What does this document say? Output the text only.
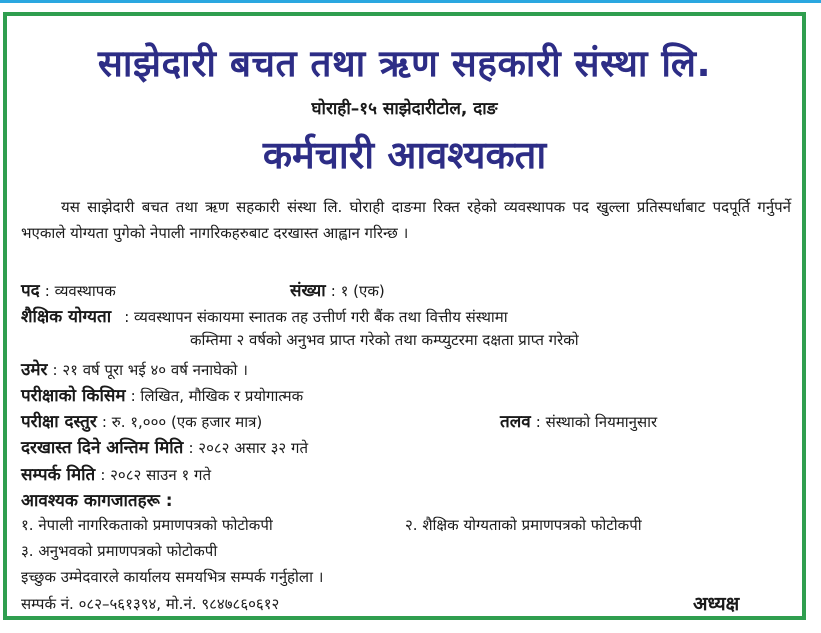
साझेदारी बचत तथा ऋण सहकारी संस्था लि.
घोराही–१५ साझेदारीटोल, दाङ
कर्मचारी आवश्यकता
यस साझेदारी बचत तथा ऋण सहकारी संस्था लि. घोराही दाङमा रिक्त रहेको व्यवस्थापक पद खुल्ला प्रतिस्पर्धाबाट पदपूर्ति गर्नुपर्ने भएकाले योग्यता पुगेको नेपाली नागरिकहरुबाट दरखास्त आह्वान गरिन्छ ।
पद : व्यवस्थापक	संख्या : १ (एक)
शैक्षिक योग्यता : व्यवस्थापन संकायमा स्नातक तह उत्तीर्ण गरी बैंक तथा वित्तीय संस्थामा
कम्तिमा २ वर्षको अनुभव प्राप्त गरेको तथा कम्प्युटरमा दक्षता प्राप्त गरेको
उमेर : २१ वर्ष पूरा भई ४० वर्ष ननाघेको ।
परीक्षाको किसिम : लिखित, मौखिक र प्रयोगात्मक
परीक्षा दस्तुर : रु. १,००० (एक हजार मात्र)	तलव : संस्थाको नियमानुसार
दरखास्त दिने अन्तिम मिति : २०८२ असार ३२ गते
सम्पर्क मिति : २०८२ साउन १ गते
आवश्यक कागजातहरू :
१. नेपाली नागरिकताको प्रमाणपत्रको फोटोकपी	२. शैक्षिक योग्यताको प्रमाणपत्रको फोटोकपी
३. अनुभवको प्रमाणपत्रको फोटोकपी
इच्छुक उम्मेदवारले कार्यालय समयभित्र सम्पर्क गर्नुहोला ।
सम्पर्क नं. ०८२–५६१३९४, मो.नं. ९८४७८६०६१२	अध्यक्ष
